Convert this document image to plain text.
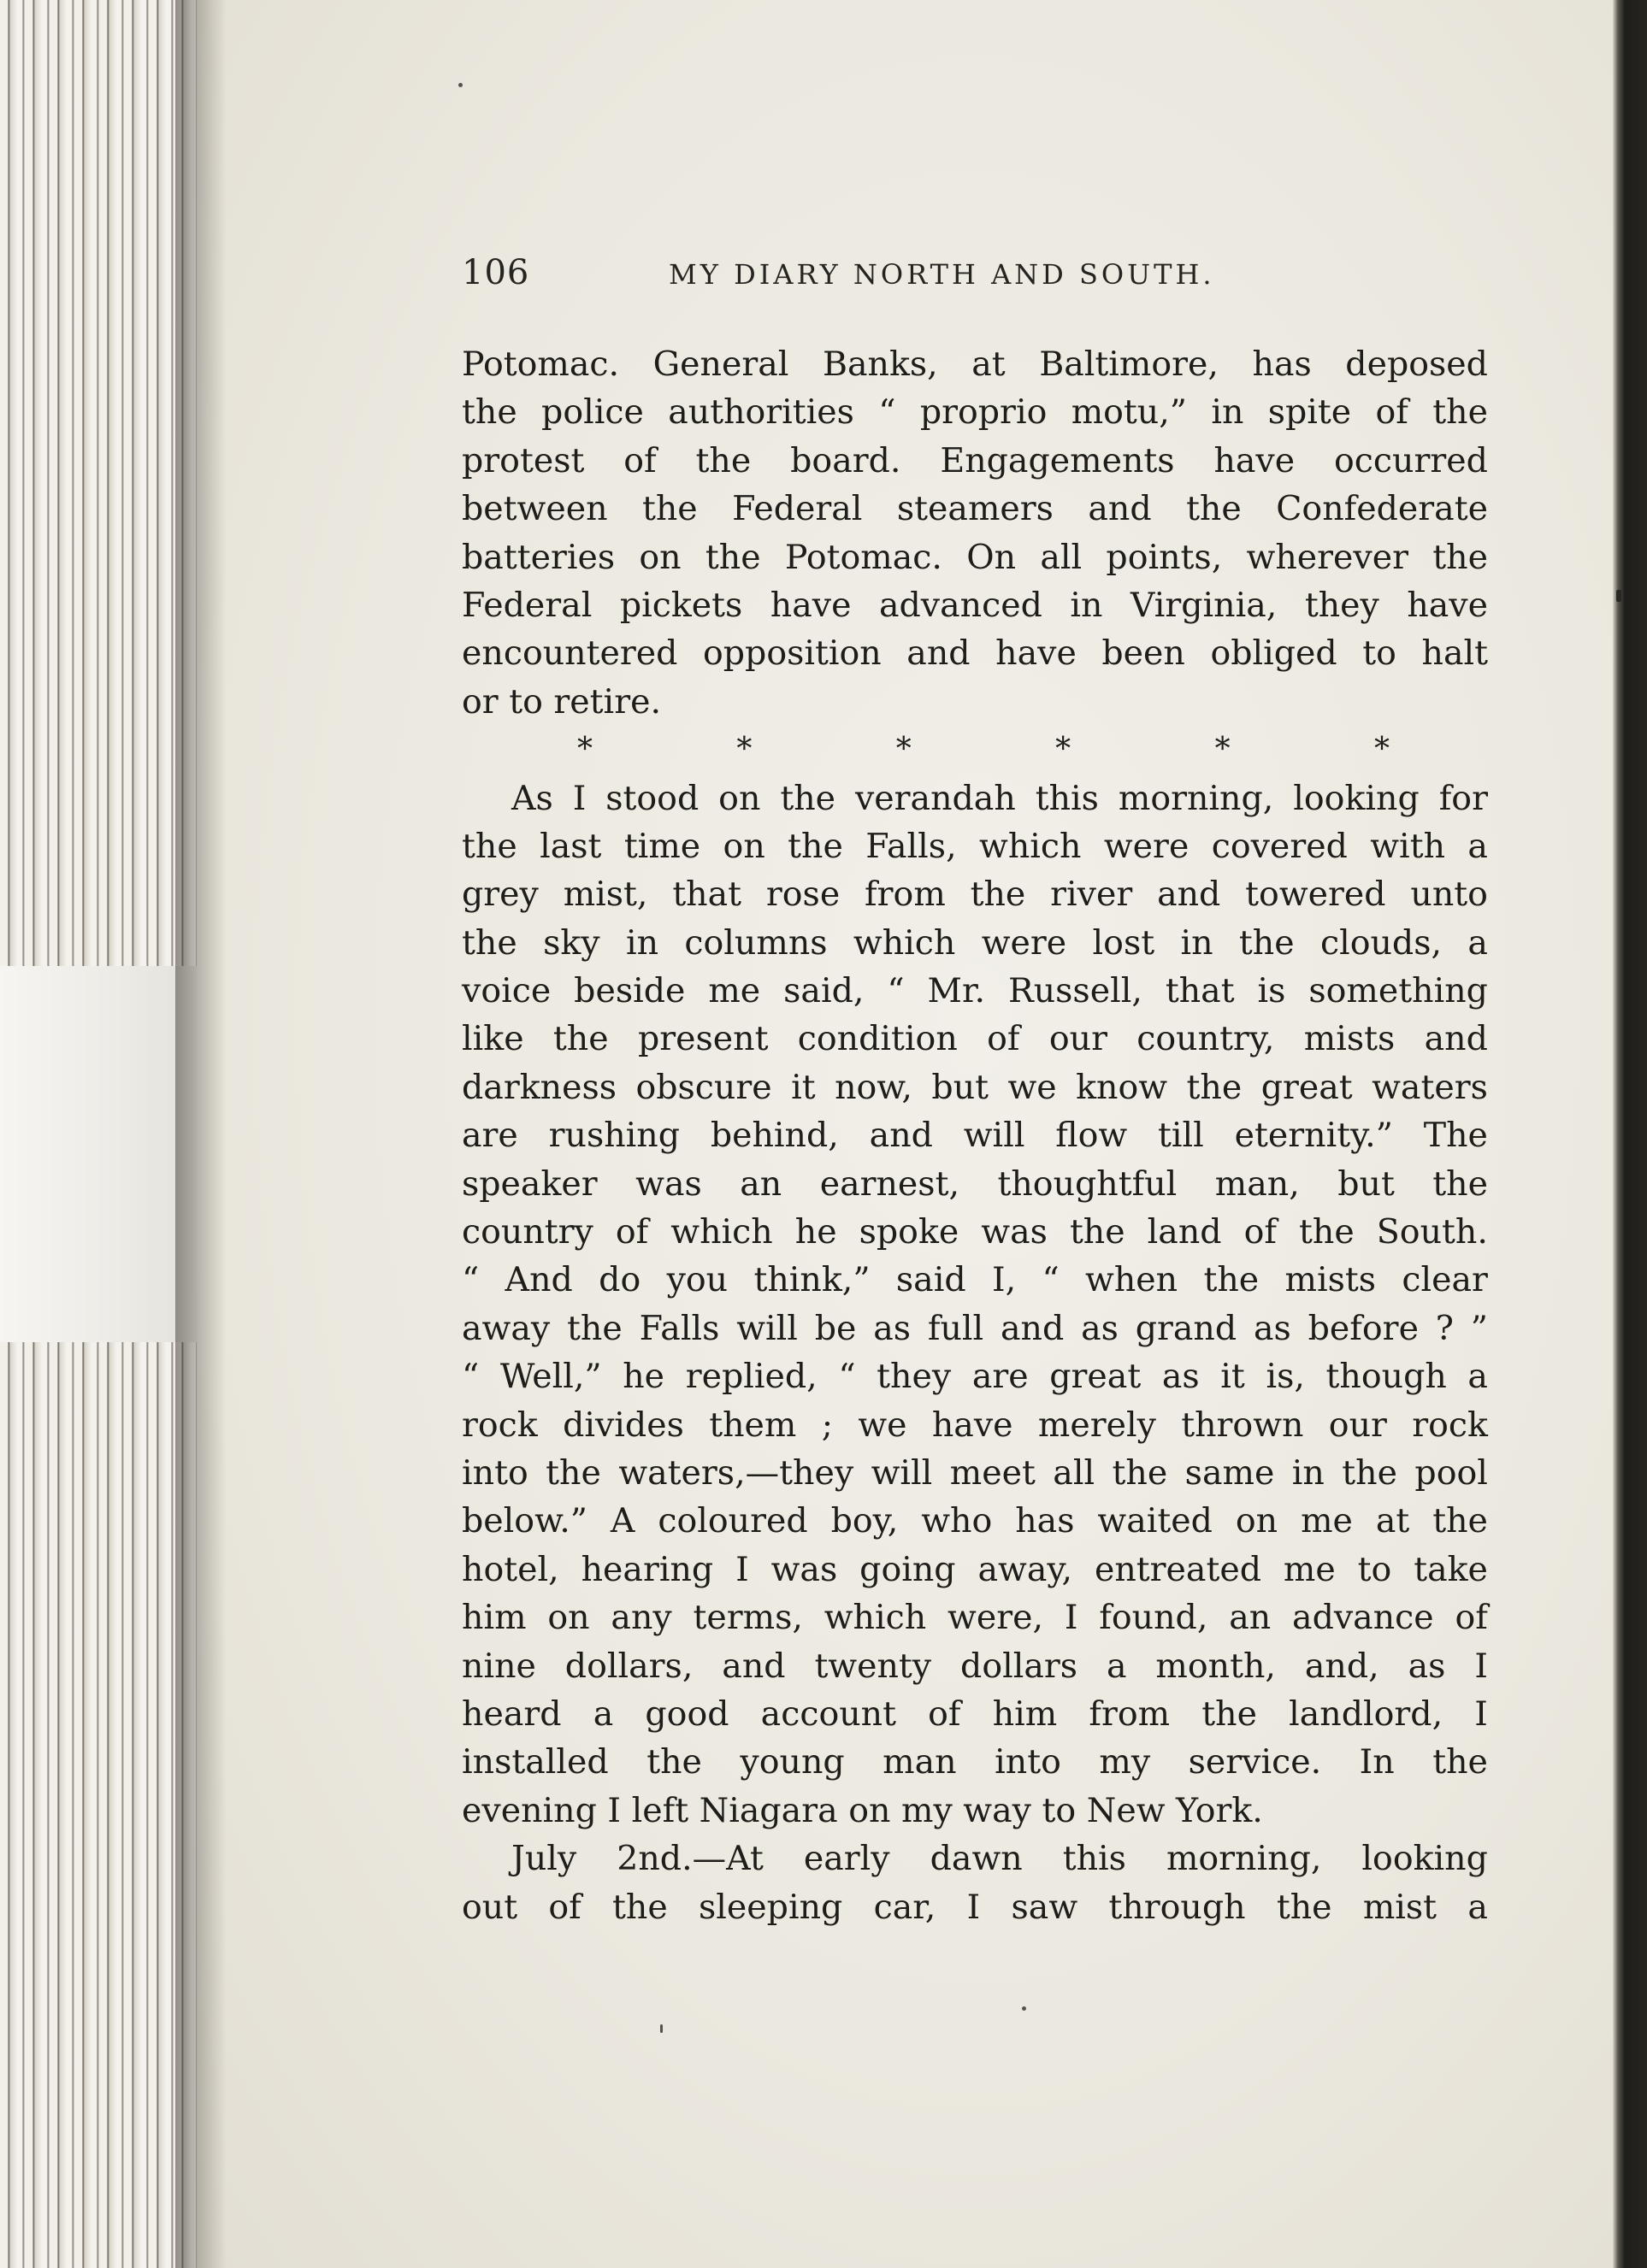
106	MY DIARY NORTH AND SOUTH.
Potomac. General Banks, at Baltimore, has deposed
the police authorities “ proprio motu,” in spite of the
protest of the board. Engagements have occurred
between the Federal steamers and the Confederate
batteries on the Potomac. On all points, wherever the
Federal pickets have advanced in Virginia, they have
encountered opposition and have been obliged to halt
or to retire.
*	*	*	*	*	*
As I stood on the verandah this morning, looking for
the last time on the Falls, which were covered with a
grey mist, that rose from the river and towered unto
the sky in columns which were lost in the clouds, a
voice beside me said, “ Mr. Russell, that is something
like the present condition of our country, mists and
darkness obscure it now, but we know the great waters
are rushing behind, and will flow till eternity.” The
speaker was an earnest, thoughtful man, but the
country of which he spoke was the land of the South.
“ And do you think,” said I, “ when the mists clear
away the Falls will be as full and as grand as before ? ”
“ Well,” he replied, “ they are great as it is, though a
rock divides them ; we have merely thrown our rock
into the waters,—they will meet all the same in the pool
below.” A coloured boy, who has waited on me at the
hotel, hearing I was going away, entreated me to take
him on any terms, which were, I found, an advance of
nine dollars, and twenty dollars a month, and, as I
heard a good account of him from the landlord, I
installed the young man into my service. In the
evening I left Niagara on my way to New York.
July 2nd.—At early dawn this morning, looking
out of the sleeping car, I saw through the mist a
